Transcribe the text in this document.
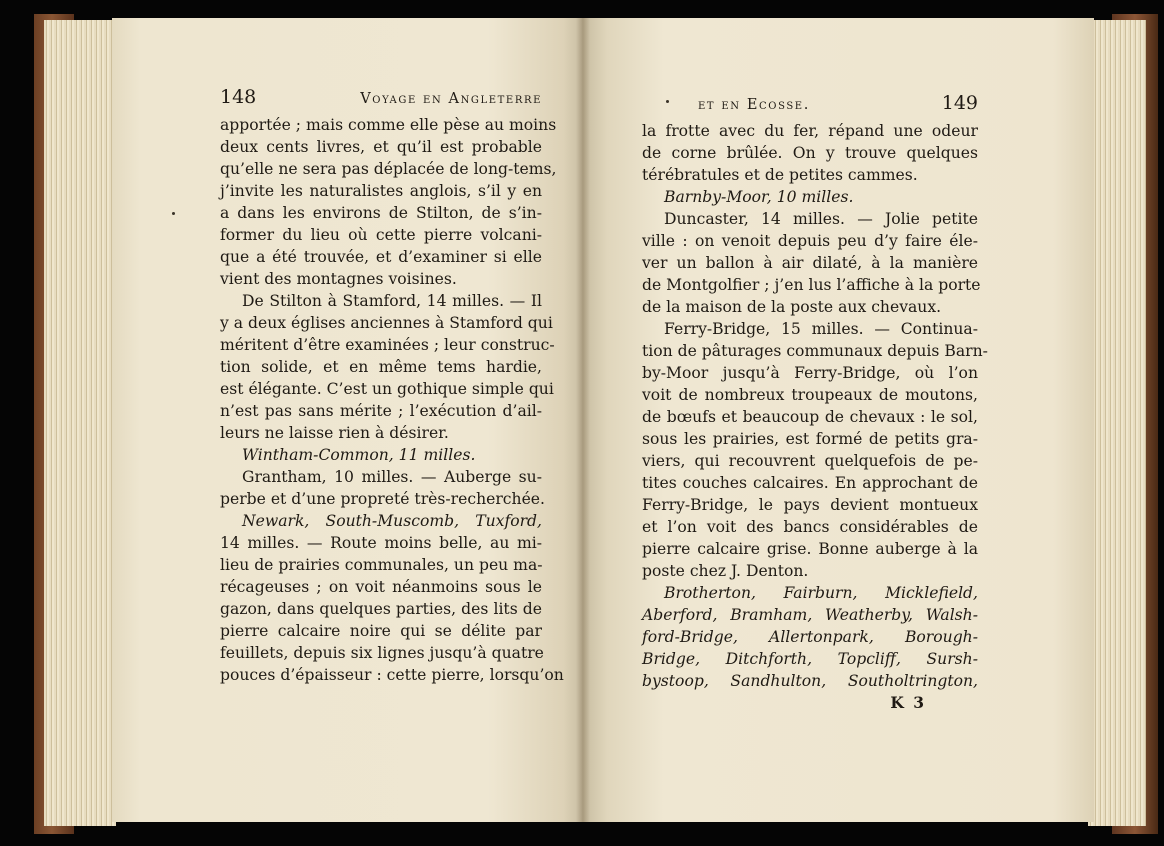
148	Voyage en Angleterre
apportée ; mais comme elle pèse au moins
deux cents livres, et qu’il est probable
qu’elle ne sera pas déplacée de long-tems,
j’invite les naturalistes anglois, s’il y en
a dans les environs de Stilton, de s’in-
former du lieu où cette pierre volcani-
que a été trouvée, et d’examiner si elle
vient des montagnes voisines.
De Stilton à Stamford, 14 milles. — Il
y a deux églises anciennes à Stamford qui
méritent d’être examinées ; leur construc-
tion solide, et en même tems hardie,
est élégante. C’est un gothique simple qui
n’est pas sans mérite ; l’exécution d’ail-
leurs ne laisse rien à désirer.
Wintham-Common, 11 milles.
Grantham, 10 milles. — Auberge su-
perbe et d’une propreté très-recherchée.
Newark, South-Muscomb, Tuxford,
14 milles. — Route moins belle, au mi-
lieu de prairies communales, un peu ma-
récageuses ; on voit néanmoins sous le
gazon, dans quelques parties, des lits de
pierre calcaire noire qui se délite par
feuillets, depuis six lignes jusqu’à quatre
pouces d’épaisseur : cette pierre, lorsqu’on
et en Ecosse.	149
la frotte avec du fer, répand une odeur
de corne brûlée. On y trouve quelques
térébratules et de petites cammes.
Barnby-Moor, 10 milles.
Duncaster, 14 milles. — Jolie petite
ville : on venoit depuis peu d’y faire éle-
ver un ballon à air dilaté, à la manière
de Montgolfier ; j’en lus l’affiche à la porte
de la maison de la poste aux chevaux.
Ferry-Bridge, 15 milles. — Continua-
tion de pâturages communaux depuis Barn-
by-Moor jusqu’à Ferry-Bridge, où l’on
voit de nombreux troupeaux de moutons,
de bœufs et beaucoup de chevaux : le sol,
sous les prairies, est formé de petits gra-
viers, qui recouvrent quelquefois de pe-
tites couches calcaires. En approchant de
Ferry-Bridge, le pays devient montueux
et l’on voit des bancs considérables de
pierre calcaire grise. Bonne auberge à la
poste chez J. Denton.
Brotherton, Fairburn, Micklefield,
Aberford, Bramham, Weatherby, Walsh-
ford-Bridge, Allertonpark, Borough-
Bridge, Ditchforth, Topcliff, Sursh-
bystoop, Sandhulton, Southoltrington,
K 3
